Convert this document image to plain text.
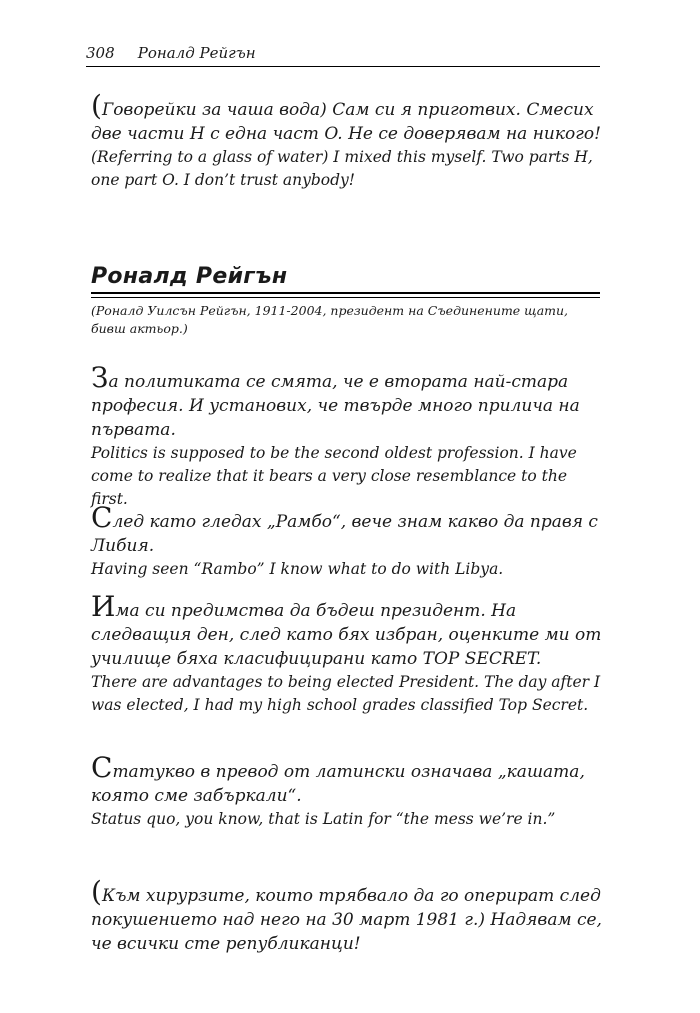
308 Роналд Рейгън
(Говорейки за чаша вода) Сам си я приготвих. Смесих две части H с една част O. Не се доверявам на никого!
(Referring to a glass of water) I mixed this myself. Two parts H, one part O. I don’t trust anybody!
Роналд Рейгън
(Роналд Уилсън Рейгън, 1911-2004, президент на Съединените щати, бивш актьор.)
За политиката се смята, че е втората най-стара професия. И установих, че твърде много прилича на първата.
Politics is supposed to be the second oldest profession. I have come to realize that it bears a very close resemblance to the first.
След като гледах „Рамбо“, вече знам какво да правя с Либия.
Having seen “Rambo” I know what to do with Libya.
Има си предимства да бъдеш президент. На следващия ден, след като бях избран, оценките ми от училище бяха класифицирани като TOP SECRET.
There are advantages to being elected President. The day after I was elected, I had my high school grades classified Top Secret.
Статукво в превод от латински означава „кашата, която сме забъркали“.
Status quo, you know, that is Latin for “the mess we’re in.”
(Към хирурзите, които трябвало да го оперират след покушението над него на 30 март 1981 г.) Надявам се, че всички сте републиканци!
